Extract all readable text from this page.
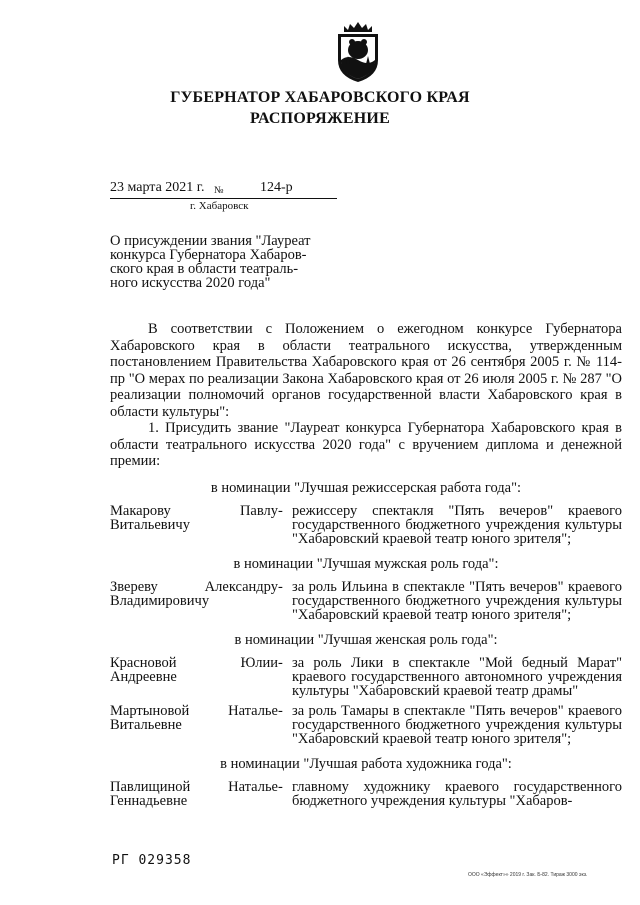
ГУБЕРНАТОР ХАБАРОВСКОГО КРАЯ
РАСПОРЯЖЕНИЕ
23 марта 2021 г. №	124-р
г. Хабаровск
О присуждении звания "Лауреат
конкурса Губернатора Хабаров-
ского края в области театраль-
ного искусства 2020 года"

В соответствии с Положением о ежегодном конкурсе Губернатора Хабаровского края в области театрального искусства, утвержденным постановлением Правительства Хабаровского края от 26 сентября 2005 г. № 114-пр "О мерах по реализации Закона Хабаровского края от 26 июля 2005 г. № 287 "О реализации полномочий органов государственной власти Хабаровского края в области культуры":

1. Присудить звание "Лауреат конкурса Губернатора Хабаровского края в области театрального искусства 2020 года" с вручением диплома и денежной премии:

в номинации "Лучшая режиссерская работа года":
Макарову Павлу Витальевичу
- режиссеру спектакля "Пять вечеров" краевого государственного бюджетного учреждения культуры "Хабаровский краевой театр юного зрителя";
в номинации "Лучшая мужская роль года":
Звереву Александру Владимировичу
- за роль Ильина в спектакле "Пять вечеров" краевого государственного бюджетного учреждения культуры "Хабаровский краевой театр юного зрителя";
в номинации "Лучшая женская роль года":
Красновой Юлии Андреевне
- за роль Лики в спектакле "Мой бедный Марат" краевого государственного автономного учреждения культуры "Хабаровский краевой театр драмы"
Мартыновой Наталье Витальевне
- за роль Тамары в спектакле "Пять вечеров" краевого государственного бюджетного учреждения культуры "Хабаровский краевой театр юного зрителя";
в номинации "Лучшая работа художника года":
Павлищиной Наталье Геннадьевне
- главному художнику краевого государственного бюджетного учреждения культуры "Хабаров-
РГ 029358
ООО «Эффект»» 2019 г. Зак. Б-82. Тираж 3000 экз.
